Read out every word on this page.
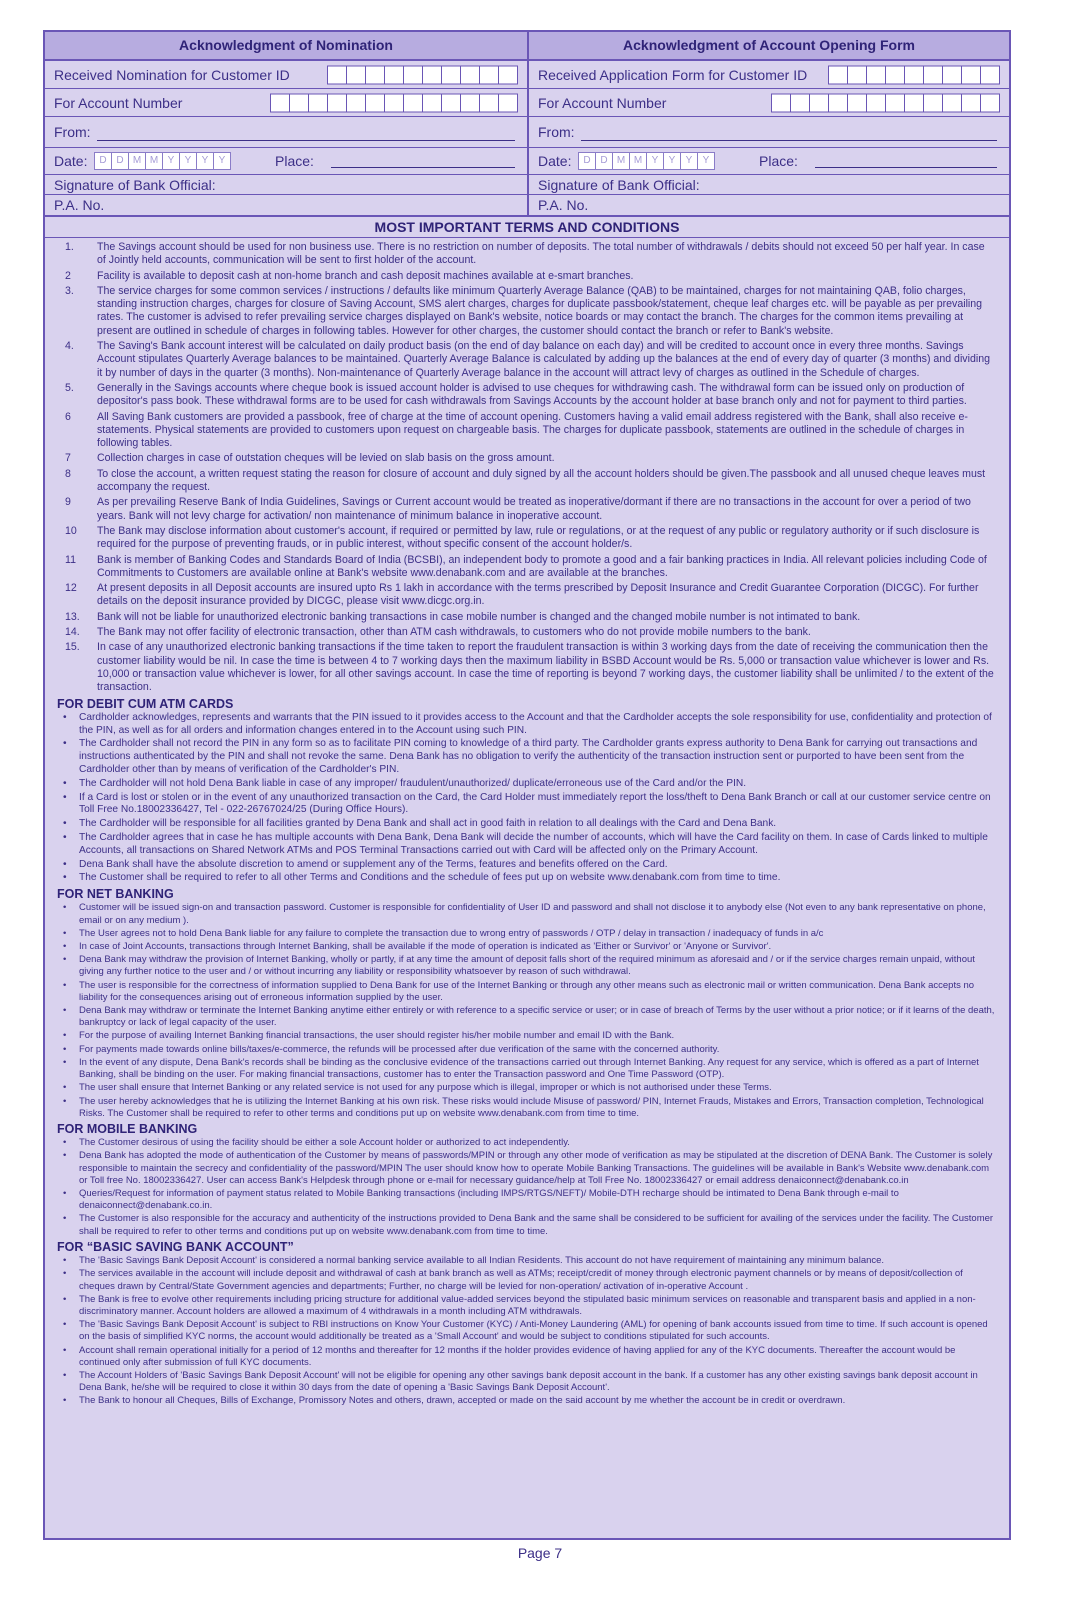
Acknowledgment of Nomination
Received Nomination for Customer ID
For Account Number
From:
Date:	D D M M Y	Y	Y	Y	Place:
Signature of Bank Official:
P.A. No.
Acknowledgment of Account Opening Form
Received Application Form for Customer ID
For Account Number
From:
Date:	D D M M Y	Y	Y	Y	Place:
Signature of Bank Official:
P.A. No.
MOST IMPORTANT TERMS AND CONDITIONS
1.	The Savings account should be used for non business use. There is no restriction on number of deposits. The total number of withdrawals / debits should not exceed 50 per half year. In case of Jointly held accounts, communication will be sent to first holder of the account.
2	Facility is available to deposit cash at non-home branch and cash deposit machines available at e-smart branches.
3.	The service charges for some common services / instructions / defaults like minimum Quarterly Average Balance (QAB) to be maintained, charges for not maintaining QAB, folio charges, standing instruction charges, charges for closure of Saving Account, SMS alert charges, charges for duplicate passbook/statement, cheque leaf charges etc. will be payable as per prevailing rates. The customer is advised to refer prevailing service charges displayed on Bank's website, notice boards or may contact the branch. The charges for the common items prevailing at present are outlined in schedule of charges in following tables. However for other charges, the customer should contact the branch or refer to Bank's website.
4.	The Saving's Bank account interest will be calculated on daily product basis (on the end of day balance on each day) and will be credited to account once in every three months. Savings Account stipulates Quarterly Average balances to be maintained. Quarterly Average Balance is calculated by adding up the balances at the end of every day of quarter (3 months) and dividing it by number of days in the quarter (3 months). Non-maintenance of Quarterly Average balance in the account will attract levy of charges as outlined in the Schedule of charges.
5.	Generally in the Savings accounts where cheque book is issued account holder is advised to use cheques for withdrawing cash. The withdrawal form can be issued only on production of depositor's pass book. These withdrawal forms are to be used for cash withdrawals from Savings Accounts by the account holder at base branch only and not for payment to third parties.
6	All Saving Bank customers are provided a passbook, free of charge at the time of account opening. Customers having a valid email address registered with the Bank, shall also receive e-statements. Physical statements are provided to customers upon request on chargeable basis. The charges for duplicate passbook, statements are outlined in the schedule of charges in following tables.
7	Collection charges in case of outstation cheques will be levied on slab basis on the gross amount.
8	To close the account, a written request stating the reason for closure of account and duly signed by all the account holders should be given.The passbook and all unused cheque leaves must accompany the request.
9	As per prevailing Reserve Bank of India Guidelines, Savings or Current account would be treated as inoperative/dormant if there are no transactions in the account for over a period of two years. Bank will not levy charge for activation/ non maintenance of minimum balance in inoperative account.
10	The Bank may disclose information about customer's account, if required or permitted by law, rule or regulations, or at the request of any public or regulatory authority or if such disclosure is required for the purpose of preventing frauds, or in public interest, without specific consent of the account holder/s.
11	Bank is member of Banking Codes and Standards Board of India (BCSBI), an independent body to promote a good and a fair banking practices in India. All relevant policies including Code of Commitments to Customers are available online at Bank's website www.denabank.com and are available at the branches.
12	At present deposits in all Deposit accounts are insured upto Rs 1 lakh in accordance with the terms prescribed by Deposit Insurance and Credit Guarantee Corporation (DICGC). For further details on the deposit insurance provided by DICGC, please visit www.dicgc.org.in.
13.	Bank will not be liable for unauthorized electronic banking transactions in case mobile number is changed and the changed mobile number is not intimated to bank.
14.	The Bank may not offer facility of electronic transaction, other than ATM cash withdrawals, to customers who do not provide mobile numbers to the bank.
15.	In case of any unauthorized electronic banking transactions if the time taken to report the fraudulent transaction is within 3 working days from the date of receiving the communication then the customer liability would be nil. In case the time is between 4 to 7 working days then the maximum liability in BSBD Account would be Rs. 5,000 or transaction value whichever is lower and Rs. 10,000 or transaction value whichever is lower, for all other savings account. In case the time of reporting is beyond 7 working days, the customer liability shall be unlimited / to the extent of the transaction.
FOR DEBIT CUM ATM CARDS
•	Cardholder acknowledges, represents and warrants that the PIN issued to it provides access to the Account and that the Cardholder accepts the sole responsibility for use, confidentiality and protection of the PIN, as well as for all orders and information changes entered in to the Account using such PIN.
•	The Cardholder shall not record the PIN in any form so as to facilitate PIN coming to knowledge of a third party. The Cardholder grants express authority to Dena Bank for carrying out transactions and instructions authenticated by the PIN and shall not revoke the same. Dena Bank has no obligation to verify the authenticity of the transaction instruction sent or purported to have been sent from the Cardholder other than by means of verification of the Cardholder's PIN.
•	The Cardholder will not hold Dena Bank liable in case of any improper/ fraudulent/unauthorized/ duplicate/erroneous use of the Card and/or the PIN.
•	If a Card is lost or stolen or in the event of any unauthorized transaction on the Card, the Card Holder must immediately report the loss/theft to Dena Bank Branch or call at our customer service centre on Toll Free No.18002336427, Tel - 022-26767024/25 (During Office Hours).
•	The Cardholder will be responsible for all facilities granted by Dena Bank and shall act in good faith in relation to all dealings with the Card and Dena Bank.
•	The Cardholder agrees that in case he has multiple accounts with Dena Bank, Dena Bank will decide the number of accounts, which will have the Card facility on them. In case of Cards linked to multiple Accounts, all transactions on Shared Network ATMs and POS Terminal Transactions carried out with Card will be affected only on the Primary Account.
•	Dena Bank shall have the absolute discretion to amend or supplement any of the Terms, features and benefits offered on the Card.
•	The Customer shall be required to refer to all other Terms and Conditions and the schedule of fees put up on website www.denabank.com from time to time.
FOR NET BANKING
•	Customer will be issued sign-on and transaction password. Customer is responsible for confidentiality of User ID and password and shall not disclose it to anybody else (Not even to any bank representative on phone, email or on any medium ).
•	The User agrees not to hold Dena Bank liable for any failure to complete the transaction due to wrong entry of passwords / OTP / delay in transaction / inadequacy of funds in a/c
•	In case of Joint Accounts, transactions through Internet Banking, shall be available if the mode of operation is indicated as 'Either or Survivor' or 'Anyone or Survivor'.
•	Dena Bank may withdraw the provision of Internet Banking, wholly or partly, if at any time the amount of deposit falls short of the required minimum as aforesaid and / or if the service charges remain unpaid, without giving any further notice to the user and / or without incurring any liability or responsibility whatsoever by reason of such withdrawal.
•	The user is responsible for the correctness of information supplied to Dena Bank for use of the Internet Banking or through any other means such as electronic mail or written communication. Dena Bank accepts no liability for the consequences arising out of erroneous information supplied by the user.
•	Dena Bank may withdraw or terminate the Internet Banking anytime either entirely or with reference to a specific service or user; or in case of breach of Terms by the user without a prior notice; or if it learns of the death, bankruptcy or lack of legal capacity of the user.
•	For the purpose of availing Internet Banking financial transactions, the user should register his/her mobile number and email ID with the Bank.
•	For payments made towards online bills/taxes/e-commerce, the refunds will be processed after due verification of the same with the concerned authority.
•	In the event of any dispute, Dena Bank's records shall be binding as the conclusive evidence of the transactions carried out through Internet Banking. Any request for any service, which is offered as a part of Internet Banking, shall be binding on the user. For making financial transactions, customer has to enter the Transaction password and One Time Password (OTP).
•	The user shall ensure that Internet Banking or any related service is not used for any purpose which is illegal, improper or which is not authorised under these Terms.
•	The user hereby acknowledges that he is utilizing the Internet Banking at his own risk. These risks would include Misuse of password/ PIN, Internet Frauds, Mistakes and Errors, Transaction completion, Technological Risks. The Customer shall be required to refer to other terms and conditions put up on website www.denabank.com from time to time.
FOR MOBILE BANKING
•	The Customer desirous of using the facility should be either a sole Account holder or authorized to act independently.
•	Dena Bank has adopted the mode of authentication of the Customer by means of passwords/MPIN or through any other mode of verification as may be stipulated at the discretion of DENA Bank. The Customer is solely responsible to maintain the secrecy and confidentiality of the password/MPIN The user should know how to operate Mobile Banking Transactions. The guidelines will be available in Bank's Website www.denabank.com or Toll free No. 18002336427. User can access Bank's Helpdesk through phone or e-mail for necessary guidance/help at Toll Free No. 18002336427 or email address denaiconnect@denabank.co.in
•	Queries/Request for information of payment status related to Mobile Banking transactions (including IMPS/RTGS/NEFT)/ Mobile-DTH recharge should be intimated to Dena Bank through e-mail to denaiconnect@denabank.co.in.
•	The Customer is also responsible for the accuracy and authenticity of the instructions provided to Dena Bank and the same shall be considered to be sufficient for availing of the services under the facility. The Customer shall be required to refer to other terms and conditions put up on website www.denabank.com from time to time.
FOR “BASIC SAVING BANK ACCOUNT”
•	The 'Basic Savings Bank Deposit Account' is considered a normal banking service available to all Indian Residents. This account do not have requirement of maintaining any minimum balance.
•	The services available in the account will include deposit and withdrawal of cash at bank branch as well as ATMs; receipt/credit of money through electronic payment channels or by means of deposit/collection of cheques drawn by Central/State Government agencies and departments; Further, no charge will be levied for non-operation/ activation of in-operative Account .
•	The Bank is free to evolve other requirements including pricing structure for additional value-added services beyond the stipulated basic minimum services on reasonable and transparent basis and applied in a non-discriminatory manner. Account holders are allowed a maximum of 4 withdrawals in a month including ATM withdrawals.
•	The 'Basic Savings Bank Deposit Account' is subject to RBI instructions on Know Your Customer (KYC) / Anti-Money Laundering (AML) for opening of bank accounts issued from time to time. If such account is opened on the basis of simplified KYC norms, the account would additionally be treated as a 'Small Account' and would be subject to conditions stipulated for such accounts.
•	Account shall remain operational initially for a period of 12 months and thereafter for 12 months if the holder provides evidence of having applied for any of the KYC documents. Thereafter the account would be continued only after submission of full KYC documents.
•	The Account Holders of 'Basic Savings Bank Deposit Account' will not be eligible for opening any other savings bank deposit account in the bank. If a customer has any other existing savings bank deposit account in Dena Bank, he/she will be required to close it within 30 days from the date of opening a 'Basic Savings Bank Deposit Account'.
•	The Bank to honour all Cheques, Bills of Exchange, Promissory Notes and others, drawn, accepted or made on the said account by me whether the account be in credit or overdrawn.
Page 7
